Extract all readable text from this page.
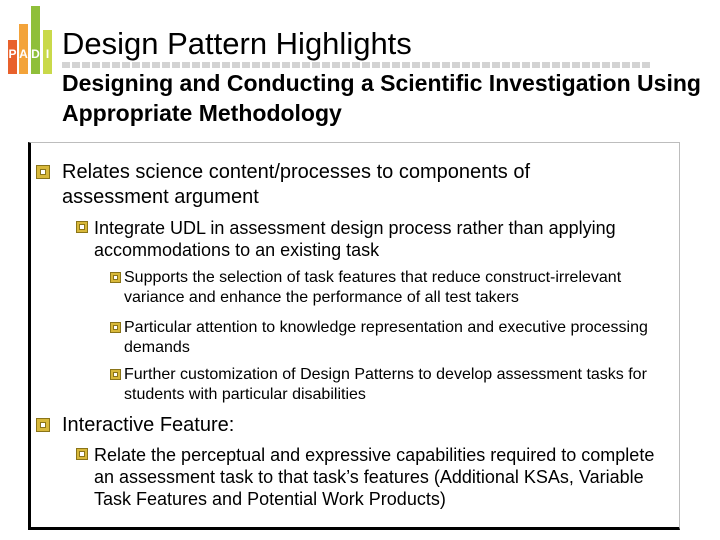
P A D I Design Pattern Highlights
Designing and Conducting a Scientific Investigation Using Appropriate Methodology
Relates science content/processes to components of assessment argument
Integrate UDL in assessment design process rather than applying accommodations to an existing task
Supports the selection of task features that reduce construct-irrelevant variance and enhance the performance of all test takers
Particular attention to knowledge representation and executive processing demands
Further customization of Design Patterns to develop assessment tasks for students with particular disabilities
Interactive Feature:
Relate the perceptual and expressive capabilities required to complete an assessment task to that task’s features (Additional KSAs, Variable Task Features and Potential Work Products)
